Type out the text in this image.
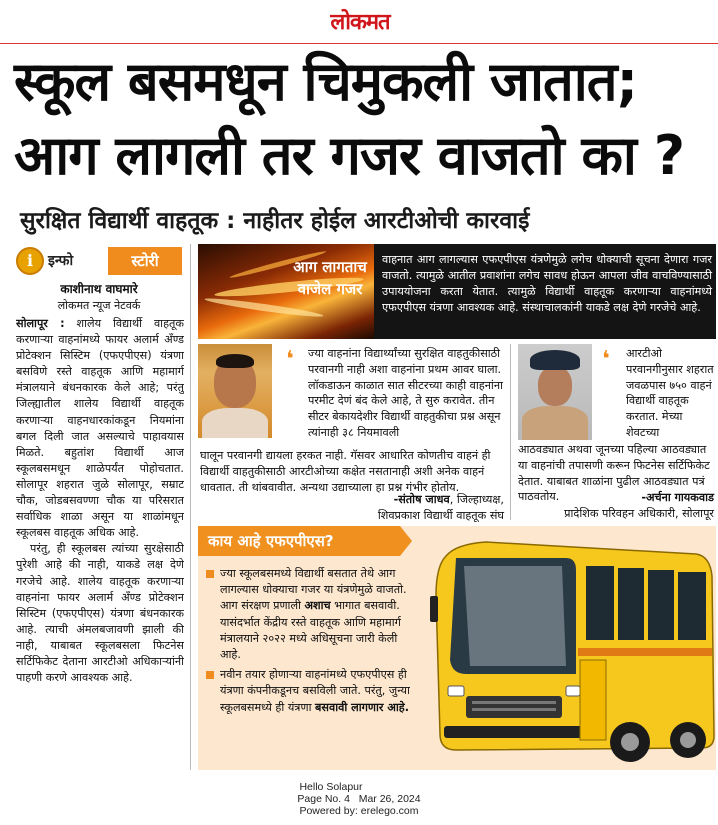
लोकमत
स्कूल बसमधून चिमुकली जातात;
आग लागली तर गजर वाजतो का ?
सुरक्षित विद्यार्थी वाहतूक : नाहीतर होईल आरटीओची कारवाई
i	इन्फो	स्टोरी
काशीनाथ वाघमारे
लोकमत न्यूज नेटवर्क

सोलापूर : शालेय विद्यार्थी वाहतूक करणाऱ्या वाहनांमध्ये फायर अलार्म अँण्ड प्रोटेक्शन सिस्टिम (एफएपीएस) यंत्रणा बसविणे रस्ते वाहतूक आणि महामार्ग मंत्रालयाने बंधनकारक केले आहे; परंतु जिल्ह्यातील शालेय विद्यार्थी वाहतूक करणाऱ्या वाहनधारकांकडून नियमांना बगल दिली जात असल्याचे पाहावयास मिळते. बहुतांश विद्यार्थी आज स्कूलबसमधून शाळेपर्यंत पोहोचतात. सोलापूर शहरात जुळे सोलापूर, सम्राट चौक, जोडबसवण्णा चौक या परिसरात सर्वाधिक शाळा असून या शाळांमधून स्कूलबस वाहतूक अधिक आहे.

परंतु, ही स्कूलबस त्यांच्या सुरक्षेसाठी पुरेशी आहे की नाही, याकडे लक्ष देणे गरजेचे आहे. शालेय वाहतूक करणाऱ्या वाहनांना फायर अलार्म अँण्ड प्रोटेक्शन सिस्टिम (एफएपीएस) यंत्रणा बंधनकारक आहे. त्याची अंमलबजावणी झाली की नाही, याबाबत स्कूलबसला फिटनेस सर्टिफिकेट देताना आरटीओ अधिकाऱ्यांनी पाहणी करणे आवश्यक आहे.

आग लागताच वाजेल गजर
वाहनात आग लागल्यास एफएपीएस यंत्रणेमुळे लगेच धोक्याची सूचना देणारा गजर वाजतो. त्यामुळे आतील प्रवाशांना लगेच सावध होऊन आपला जीव वाचविण्यासाठी उपाययोजना करता येतात. त्यामुळे विद्यार्थी वाहतूक करणाऱ्या वाहनांमध्ये एफएपीएस यंत्रणा आवश्यक आहे. संस्थाचालकांनी याकडे लक्ष देणे गरजेचे आहे.
❛ ज्या वाहनांना विद्यार्थ्यांच्या सुरक्षित वाहतुकीसाठी परवानगी नाही अशा वाहनांना प्रथम आवर घाला. लॉकडाऊन काळात सात सीटरच्या काही वाहनांना परमीट देणं बंद केले आहे, ते सुरु करावेत. तीन सीटर बेकायदेशीर विद्यार्थी वाहतुकीचा प्रश्न असून त्यांनाही ३८ नियमावली
घालून परवानगी द्यायला हरकत नाही. गॅसवर आधारित कोणतीच वाहनं ही विद्यार्थी वाहतुकीसाठी आरटीओच्या कक्षेत नसतानाही अशी अनेक वाहनं धावतात. ती थांबवावीत. अन्यथा उद्याच्याला हा प्रश्न गंभीर होतोय.
-संतोष जाधव, जिल्हाध्यक्ष,
शिवप्रकाश विद्यार्थी वाहतूक संघ
❛ आरटीओ परवानगीनुसार शहरात जवळपास ७५० वाहनं विद्यार्थी वाहतूक करतात. मेच्या शेवटच्या
आठवड्यात अथवा जूनच्या पहिल्या आठवड्यात या वाहनांची तपासणी करून फिटनेस सर्टिफिकेट देतात. याबाबत शाळांना पुढील आठवड्यात पत्रं पाठवतोय.	-अर्चना गायकवाड
प्रादेशिक परिवहन अधिकारी, सोलापूर
काय आहे एफएपीएस?
ज्या स्कूलबसमध्ये विद्यार्थी बसतात तेथे आग लागल्यास धोक्याचा गजर या यंत्रणेमुळे वाजतो. आग संरक्षण प्रणाली अशाच भागात बसवावी. यासंदर्भात केंद्रीय रस्ते वाहतूक आणि महामार्ग मंत्रालयाने २०२२ मध्ये अधिसूचना जारी केली आहे.
नवीन तयार होणाऱ्या वाहनांमध्ये एफएपीएस ही यंत्रणा कंपनीकडूनच बसविली जाते. परंतु, जुन्या स्कूलबसमध्ये ही यंत्रणा बसवावी लागणार आहे.
Hello Solapur
Page No. 4 Mar 26, 2024
Powered by: erelego.com
